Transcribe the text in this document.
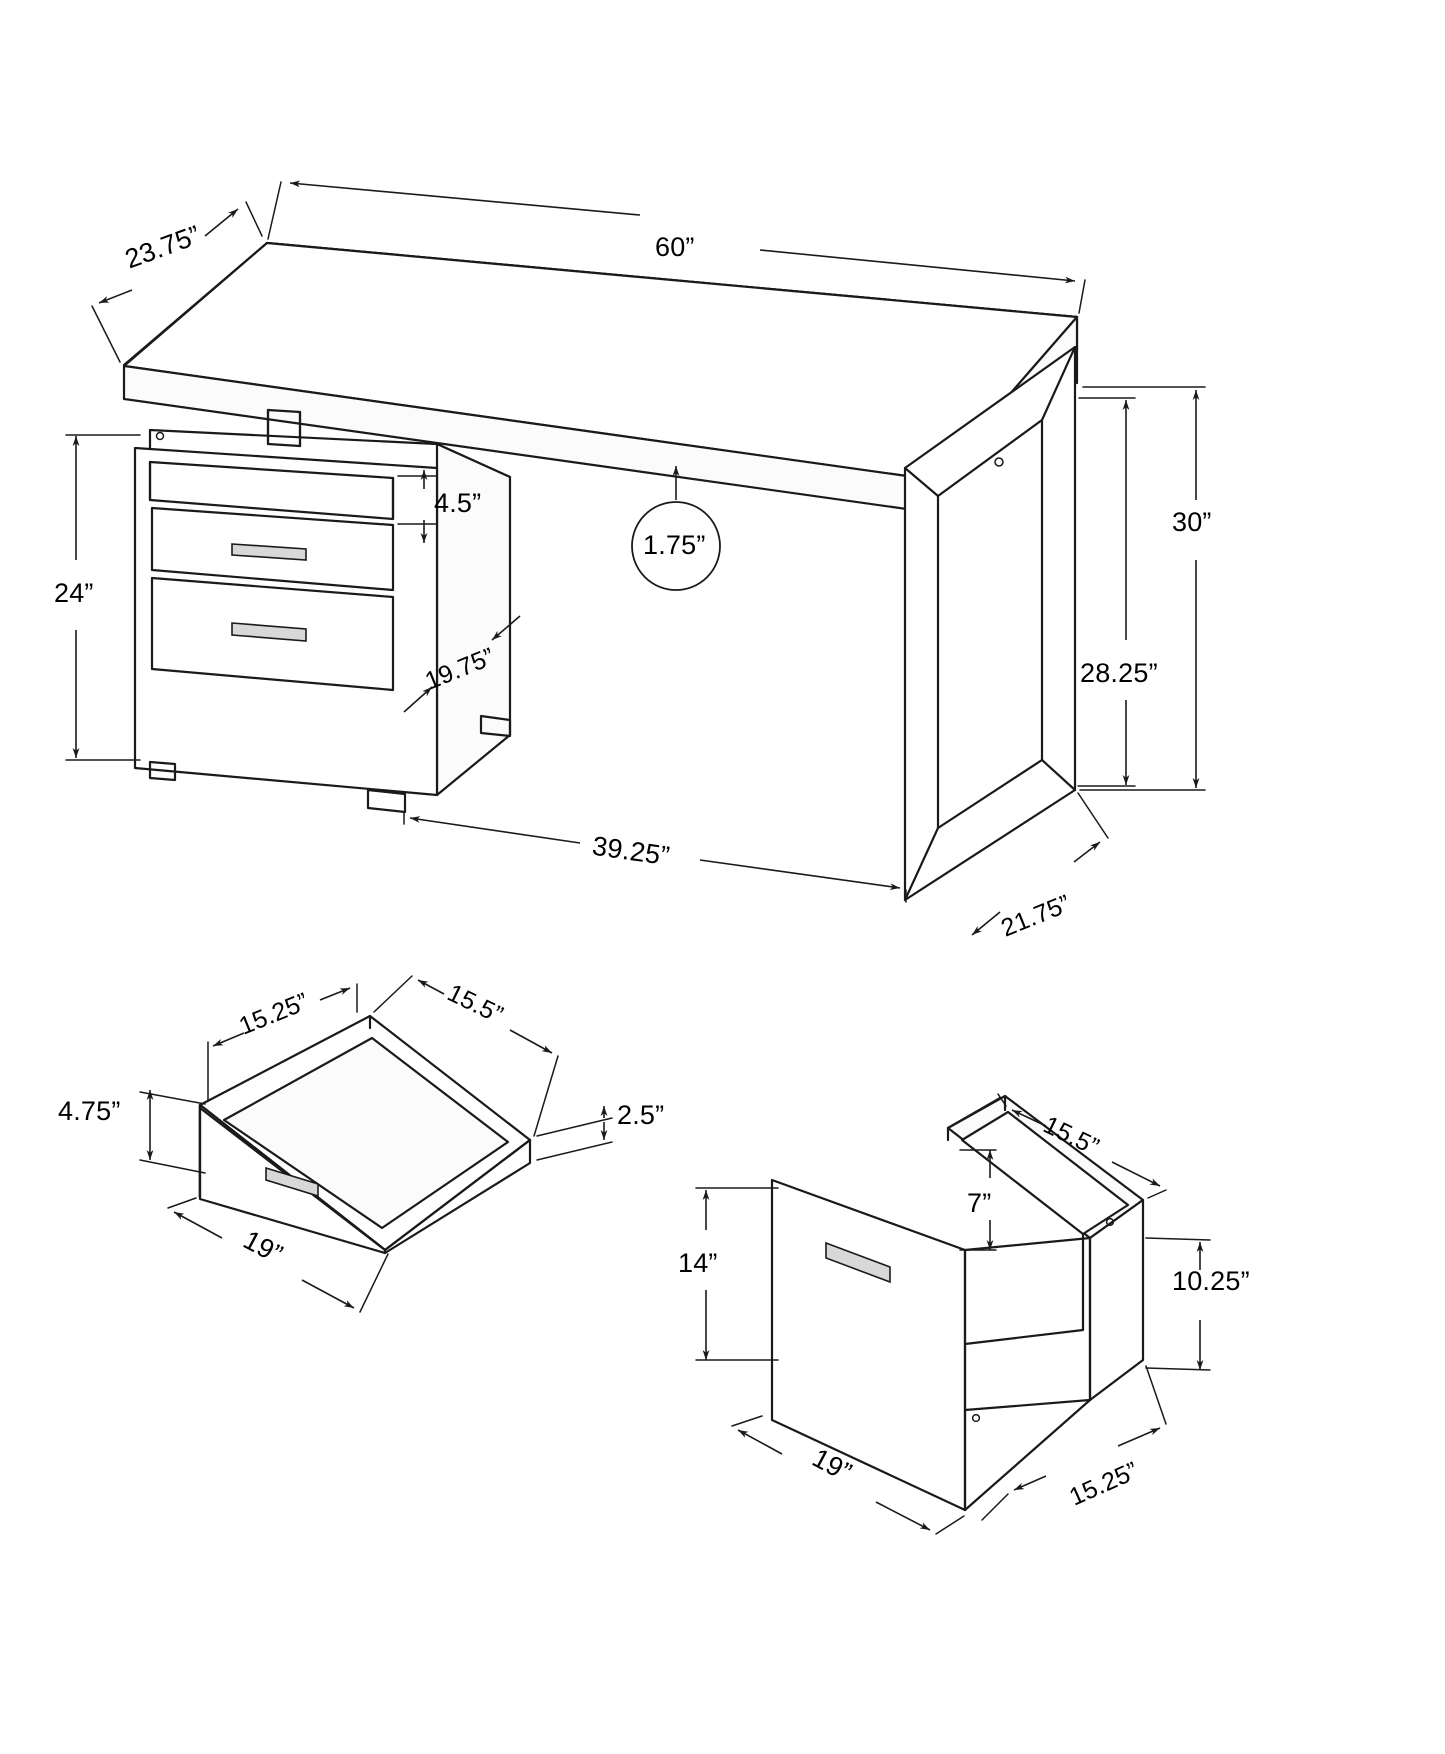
60”
23.75”
30”
28.25”
1.75”
4.5”
24”
19.75”
39.25”
21.75”
4.75”
15.25”	15.5”
2.5”
19”	14”
7”
15.5”
10.25”
19”	15.25”
